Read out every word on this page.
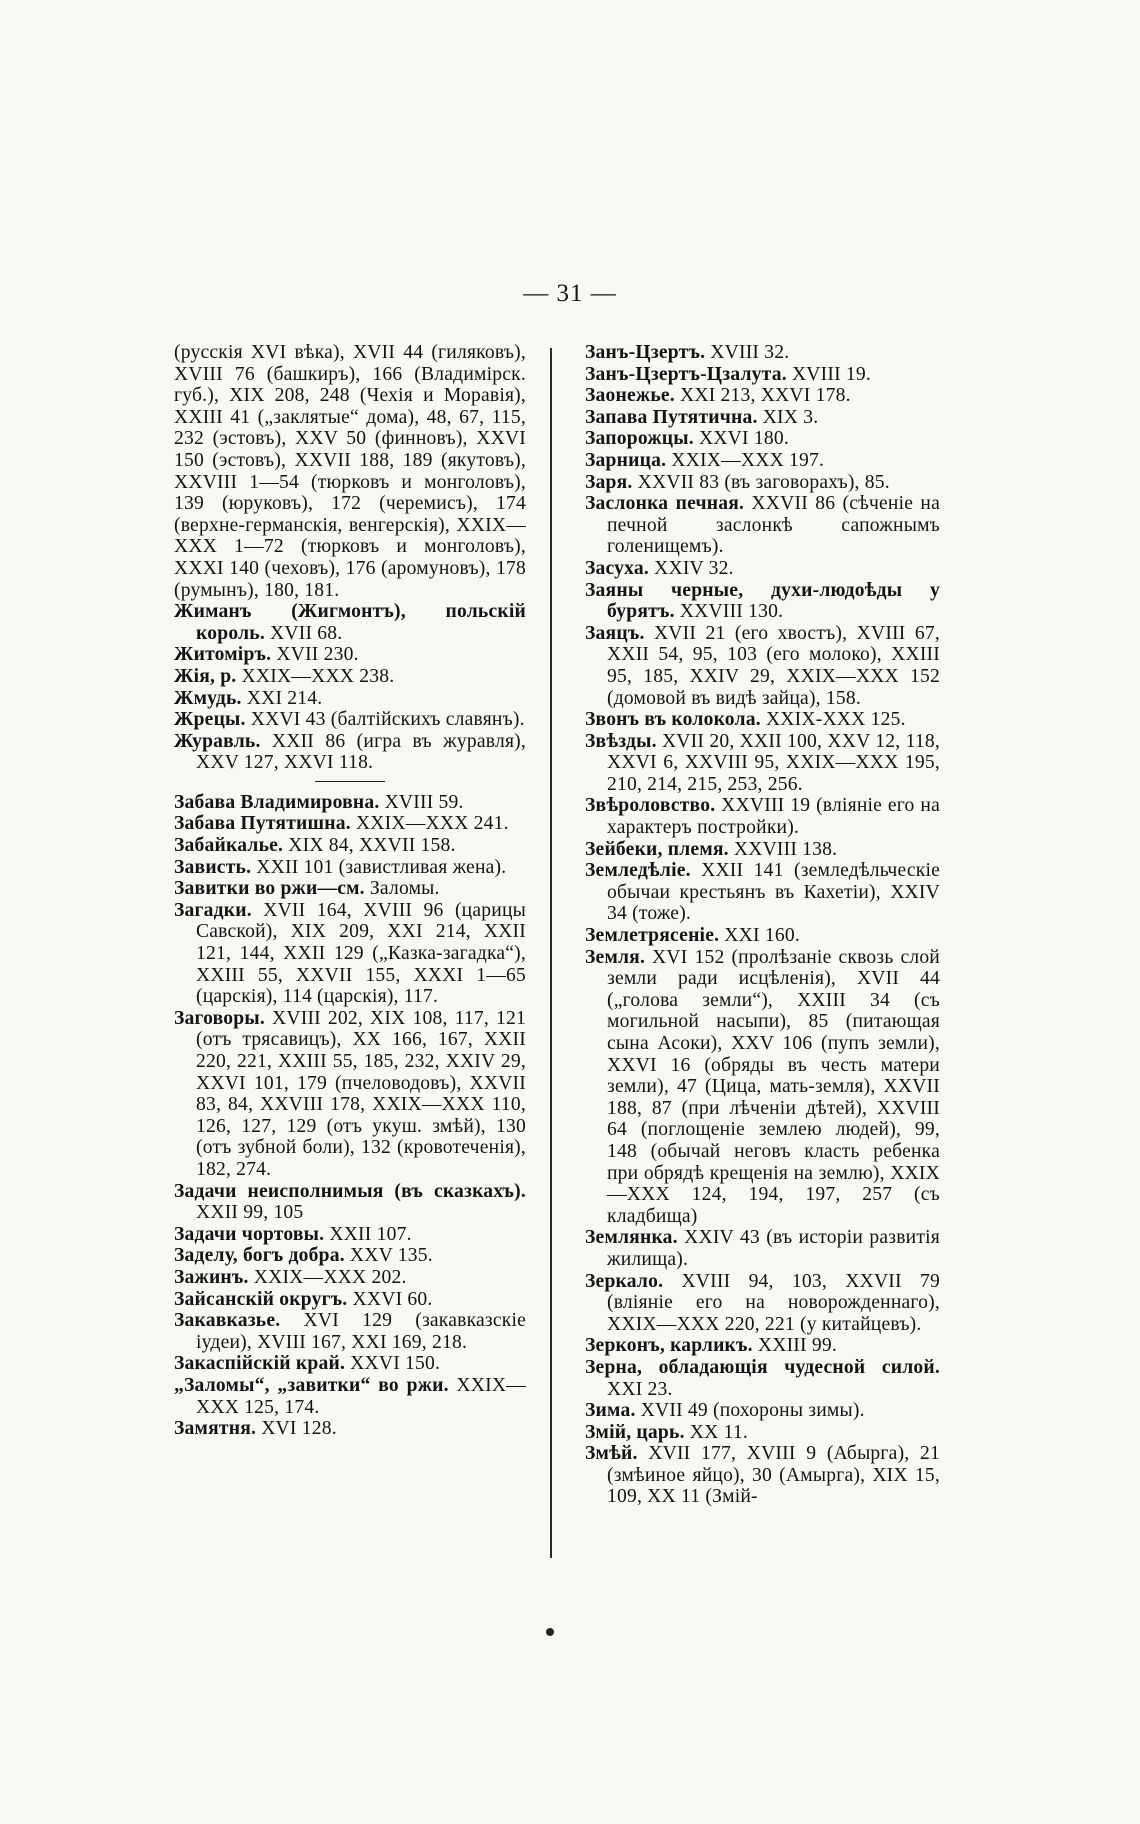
— 31 —

(русскія XVI вѣка), XVII 44 (гиляковъ), XVIII 76 (башкиръ), 166 (Владимірск. губ.), XIX 208, 248 (Чехія и Моравія), XXIII 41 („заклятые“ дома), 48, 67, 115, 232 (эстовъ), XXV 50 (финновъ), XXVI 150 (эстовъ), XXVII 188, 189 (якутовъ), XXVIII 1—54 (тюрковъ и монголовъ), 139 (юруковъ), 172 (черемисъ), 174 (верхне-германскія, венгерскія), XXIX—XXX 1—72 (тюрковъ и монголовъ), XXXI 140 (чеховъ), 176 (аромуновъ), 178 (румынъ), 180, 181.

Жиманъ (Жигмонтъ), польскій король. XVII 68.

Житоміръ. XVII 230.

Жія, р. XXIX—XXX 238.

Жмудь. XXI 214.

Жрецы. XXVI 43 (балтійскихъ славянъ).

Журавль. XXII 86 (игра въ журавля), XXV 127, XXVI 118.

Забава Владимировна. XVIII 59.

Забава Путятишна. XXIX—XXX 241.

Забайкалье. XIX 84, XXVII 158.

Зависть. XXII 101 (завистливая жена).

Завитки во ржи—см. Заломы.

Загадки. XVII 164, XVIII 96 (царицы Савской), XIX 209, XXI 214, XXII 121, 144, XXII 129 („Казка-загадка“), XXIII 55, XXVII 155, XXXI 1—65 (царскія), 114 (царскія), 117.

Заговоры. XVIII 202, XIX 108, 117, 121 (отъ трясавицъ), XX 166, 167, XXII 220, 221, XXIII 55, 185, 232, XXIV 29, XXVI 101, 179 (пчеловодовъ), XXVII 83, 84, XXVIII 178, XXIX—XXX 110, 126, 127, 129 (отъ укуш. змѣй), 130 (отъ зубной боли), 132 (кровотеченія), 182, 274.

Задачи неисполнимыя (въ сказкахъ). XXII 99, 105

Задачи чортовы. XXII 107.

Заделу, богъ добра. XXV 135.

Зажинъ. XXIX—XXX 202.

Зайсанскій округъ. XXVI 60.

Закавказье. XVI 129 (закавказскіе іудеи), XVIII 167, XXI 169, 218.

Закаспійскій край. XXVI 150.

„Заломы“, „завитки“ во ржи. XXIX—XXX 125, 174.

Замятня. XVI 128.

Занъ-Цзертъ. XVIII 32.

Занъ-Цзертъ-Цзалута. XVIII 19.

Заонежье. XXI 213, XXVI 178.

Запава Путятична. XIX 3.

Запорожцы. XXVI 180.

Зарница. XXIX—XXX 197.

Заря. XXVII 83 (въ заговорахъ), 85.

Заслонка печная. XXVII 86 (сѣченіе на печной заслонкѣ сапожнымъ голенищемъ).

Засуха. XXIV 32.

Заяны черные, духи-людоѣды у бурятъ. XXVIII 130.

Заяцъ. XVII 21 (его хвостъ), XVIII 67, XXII 54, 95, 103 (его молоко), XXIII 95, 185, XXIV 29, XXIX—XXX 152 (домовой въ видѣ зайца), 158.

Звонъ въ колокола. XXIX-XXX 125.

Звѣзды. XVII 20, XXII 100, XXV 12, 118, XXVI 6, XXVIII 95, XXIX—XXX 195, 210, 214, 215, 253, 256.

Звѣроловство. XXVIII 19 (вліяніе его на характеръ постройки).

Зейбеки, племя. XXVIII 138.

Земледѣліе. XXII 141 (земледѣльческіе обычаи крестьянъ въ Кахетіи), XXIV 34 (тоже).

Землетрясеніе. XXI 160.

Земля. XVI 152 (пролѣзаніе сквозь слой земли ради исцѣленія), XVII 44 („голова земли“), XXIII 34 (съ могильной насыпи), 85 (питающая сына Асоки), XXV 106 (пупъ земли), XXVI 16 (обряды въ честь матери земли), 47 (Цица, мать-земля), XXVII 188, 87 (при лѣченіи дѣтей), XXVIII 64 (поглощеніе землею людей), 99, 148 (обычай неговъ класть ребенка при обрядѣ крещенія на землю), XXIX—XXX 124, 194, 197, 257 (съ кладбища)

Землянка. XXIV 43 (въ исторіи развитія жилища).

Зеркало. XVIII 94, 103, XXVII 79 (вліяніе его на новорожденнаго), XXIX—XXX 220, 221 (у китайцевъ).

Зерконъ, карликъ. XXIII 99.

Зерна, обладающія чудесной силой. XXI 23.

Зима. XVII 49 (похороны зимы).

Змій, царь. XX 11.

Змѣй. XVII 177, XVIII 9 (Абырга), 21 (змѣиное яйцо), 30 (Амырга), XIX 15, 109, XX 11 (Змій-
